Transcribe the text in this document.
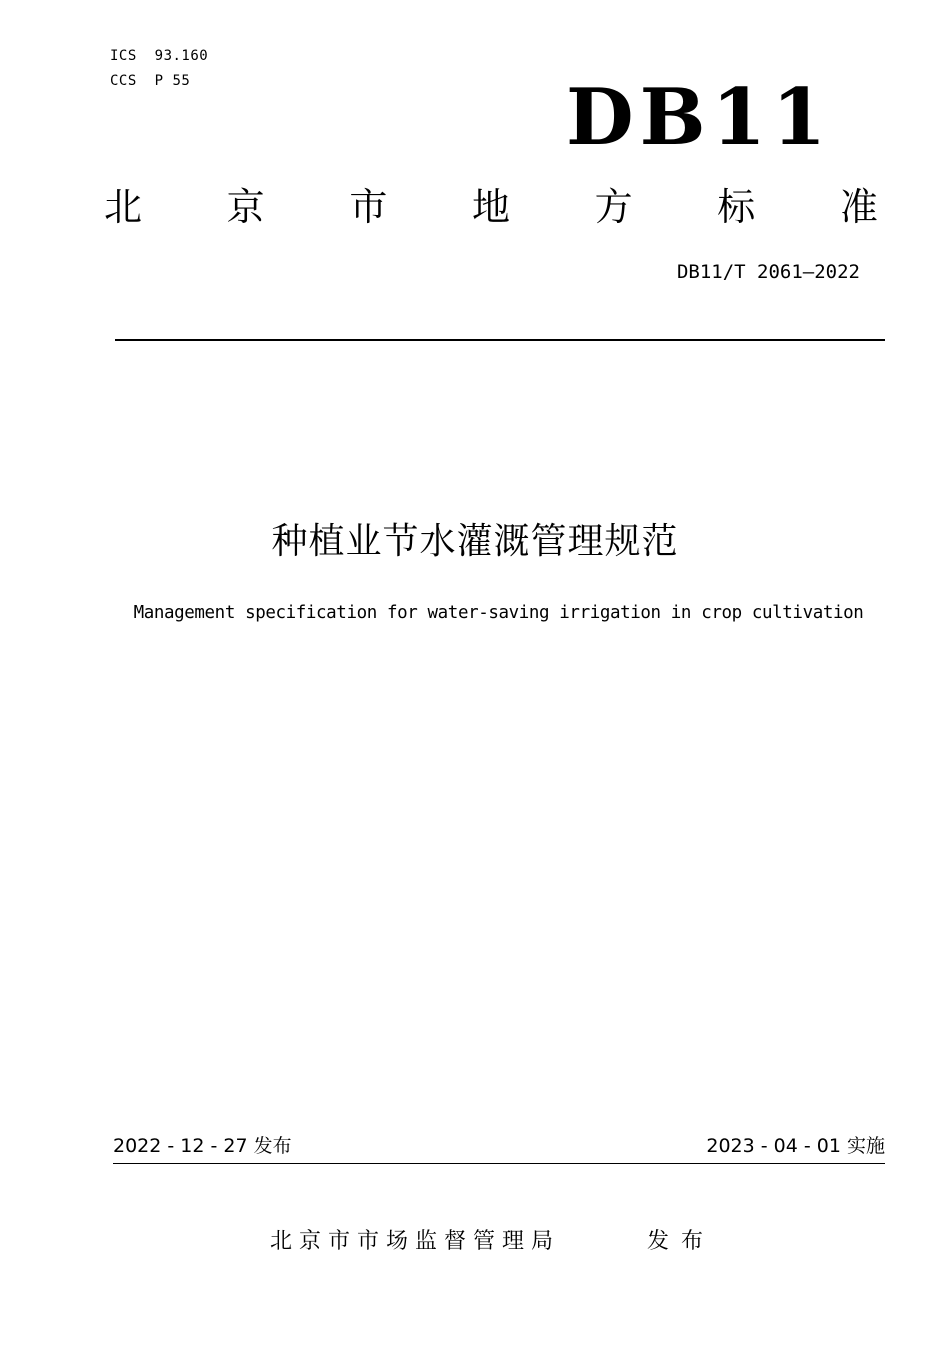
ICS  93.160
CCS  P 55	DB11
北 京 市 地 方 标 准
DB11/T 2061—2022
种植业节水灌溉管理规范
Management specification for water-saving irrigation in crop cultivation
2022 - 12 - 27 发布	2023 - 04 - 01 实施
北京市市场监督管理局	发布
